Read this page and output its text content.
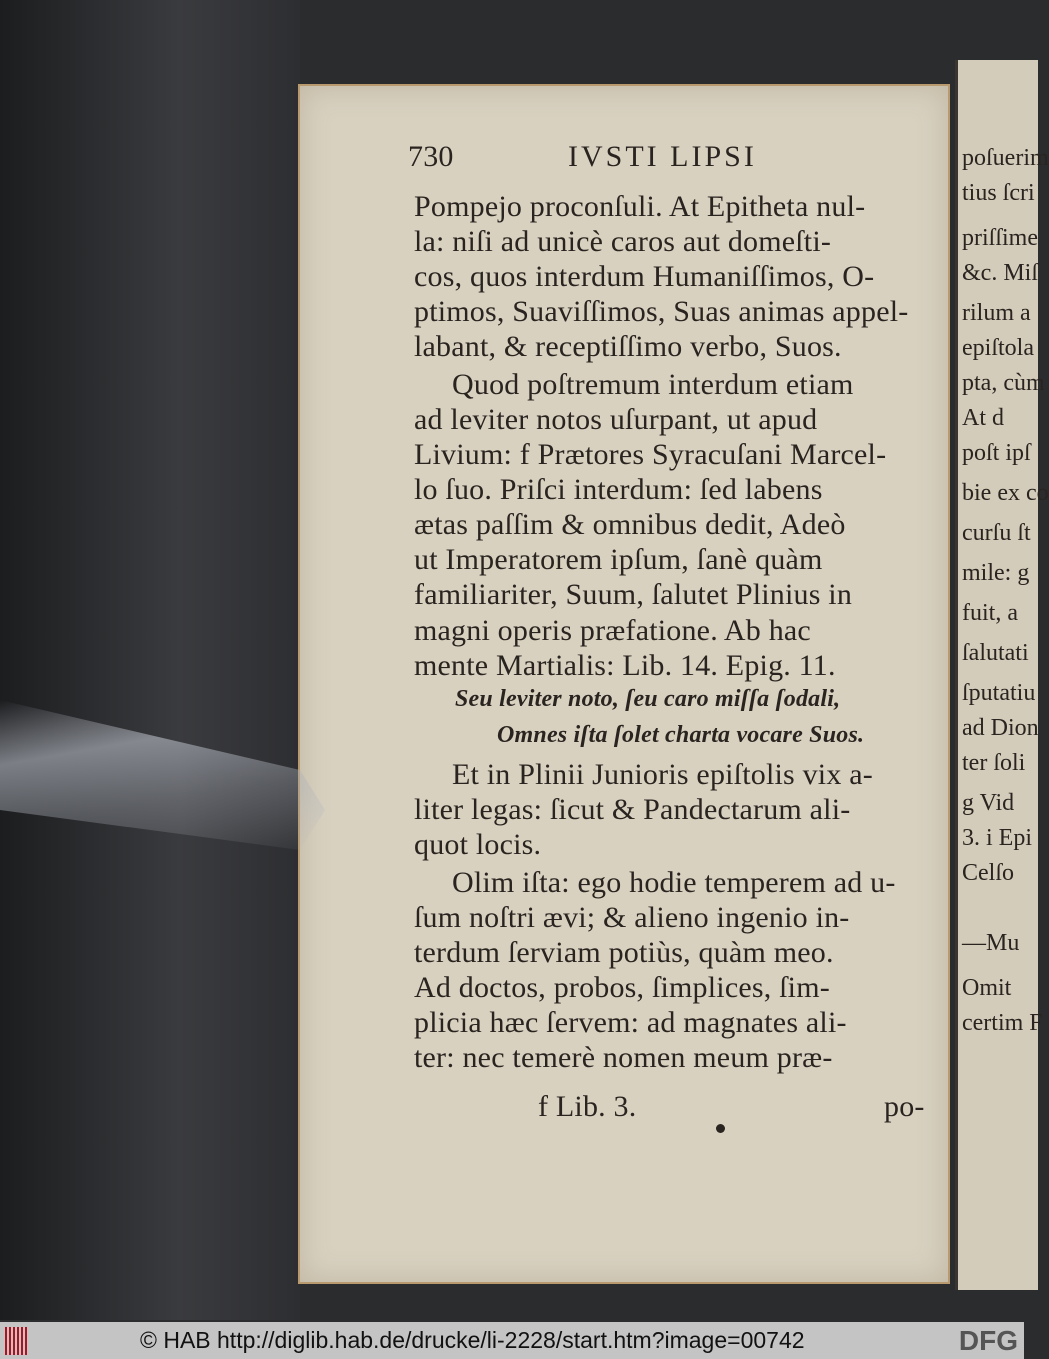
730	IVSTI LIPSI
Pompejo proconſuli. At Epitheta nul-
la: niſi ad unicè caros aut domeſti-
cos, quos interdum Humaniſſimos, O-
ptimos, Suaviſſimos, Suas animas appel-
labant, & receptiſſimo verbo, Suos.
Quod poſtremum interdum etiam
ad leviter notos uſurpant, ut apud
Livium: f Prætores Syracuſani Marcel-
lo ſuo. Priſci interdum: ſed labens
ætas paſſim & omnibus dedit, Adeò
ut Imperatorem ipſum, ſanè quàm
familiariter, Suum, ſalutet Plinius in
magni operis præfatione. Ab hac
mente Martialis: Lib. 14. Epig. 11.
Seu leviter noto, ſeu caro miſſa ſodali,
Omnes iſta ſolet charta vocare Suos.
Et in Plinii Junioris epiſtolis vix a-
liter legas: ſicut & Pandectarum ali-
quot locis.
Olim iſta: ego hodie temperem ad u-
ſum noſtri ævi; & alieno ingenio in-
terdum ſerviam potiùs, quàm meo.
Ad doctos, probos, ſimplices, ſim-
plicia hæc ſervem: ad magnates ali-
ter: nec temerè nomen meum præ-
f Lib. 3.	po-
© HAB http://diglib.hab.de/drucke/li-2228/start.htm?image=00742	DFG
poſuerim
tius ſcri
priſſime
&c. Miſ
rilum a
epiſtola
pta, cùm
At d
poſt ipſ
bie ex co
curſu ſt
mile: g
fuit, a
ſalutati
ſputatiu
ad Dion
ter ſoli
g Vid
3. i Epi
Celſo
—Mu
Omit
certim F
